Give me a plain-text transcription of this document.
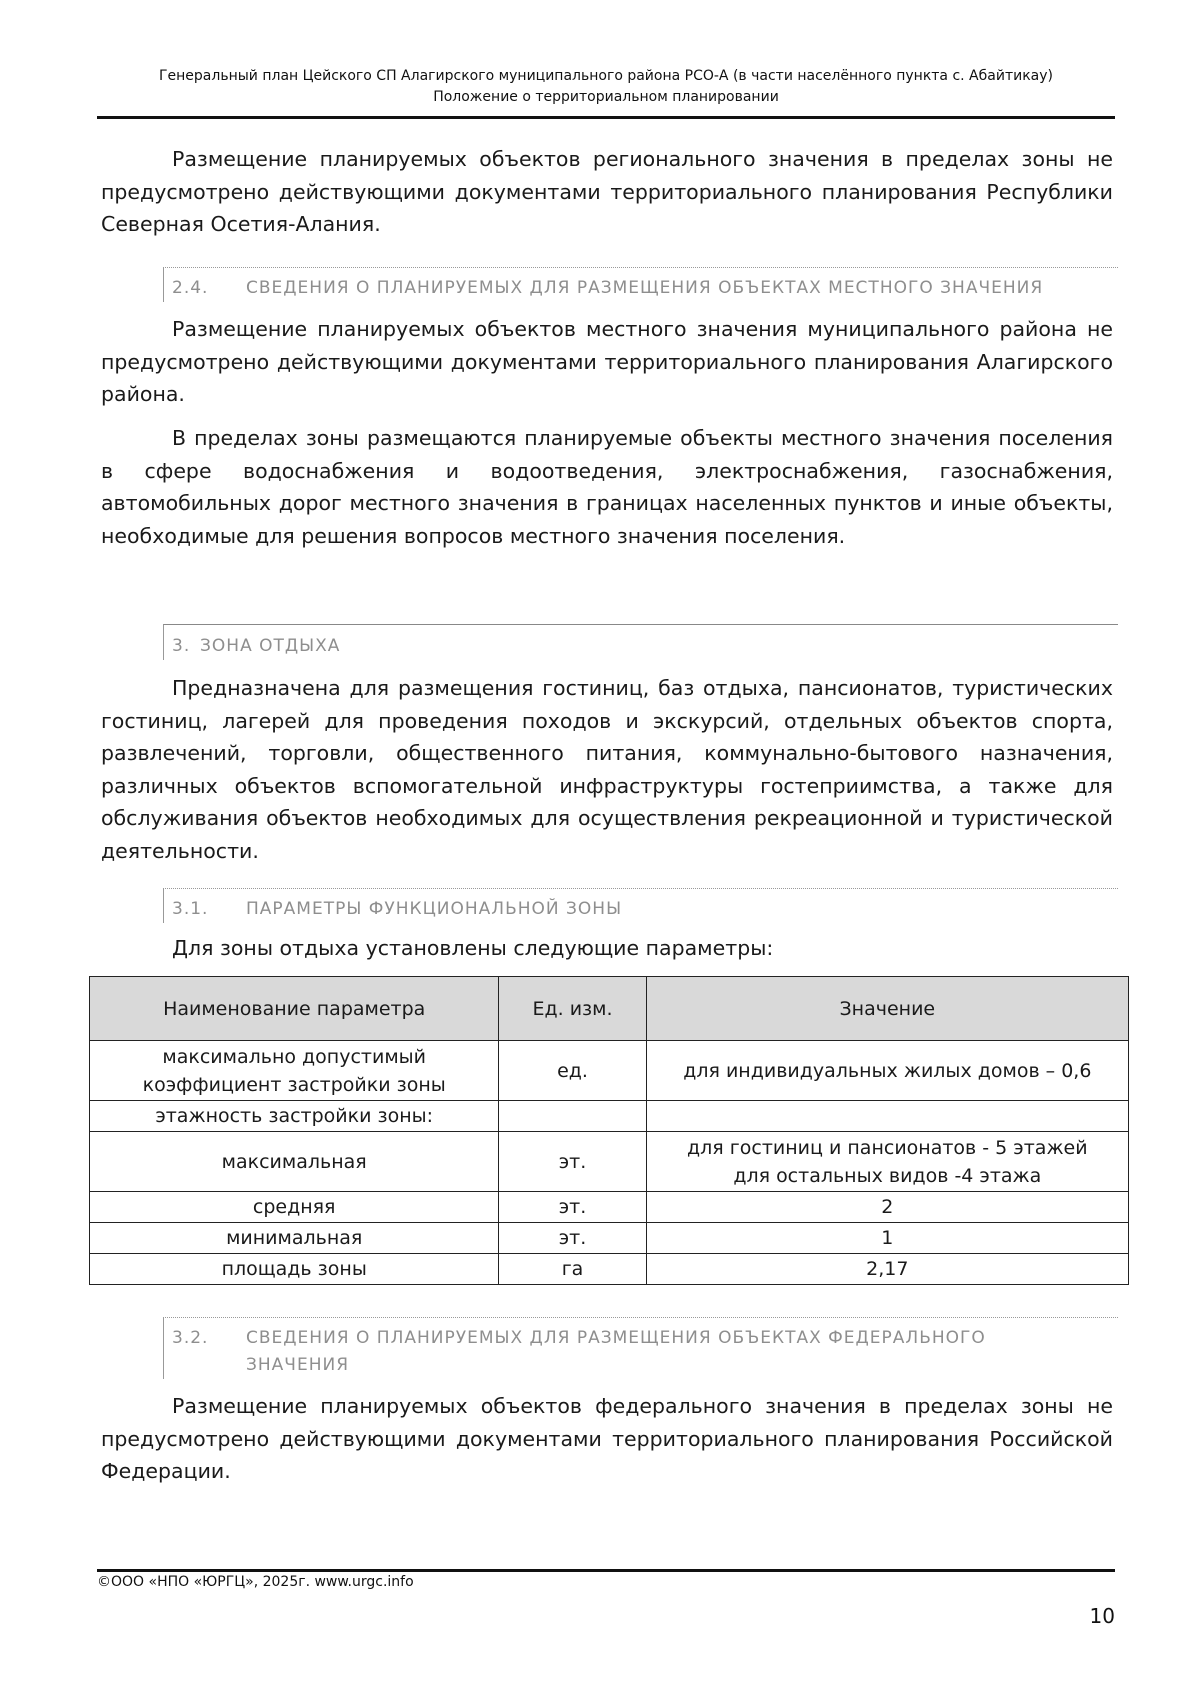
Генеральный план Цейского СП Алагирского муниципального района РСО-А (в части населённого пункта с. Абайтикау)
Положение о территориальном планировании

Размещение планируемых объектов регионального значения в пределах зоны не предусмотрено действующими документами территориального планирования Республики Северная Осетия-Алания.

2.4. СВЕДЕНИЯ О ПЛАНИРУЕМЫХ ДЛЯ РАЗМЕЩЕНИЯ ОБЪЕКТАХ МЕСТНОГО ЗНАЧЕНИЯ

Размещение планируемых объектов местного значения муниципального района не предусмотрено действующими документами территориального планирования Алагирского района.

В пределах зоны размещаются планируемые объекты местного значения поселения в сфере водоснабжения и водоотведения, электроснабжения, газоснабжения, автомобильных дорог местного значения в границах населенных пунктов и иные объекты, необходимые для решения вопросов местного значения поселения.

3. ЗОНА ОТДЫХА

Предназначена для размещения гостиниц, баз отдыха, пансионатов, туристических гостиниц, лагерей для проведения походов и экскурсий, отдельных объектов спорта, развлечений, торговли, общественного питания, коммунально-бытового назначения, различных объектов вспомогательной инфраструктуры гостеприимства, а также для обслуживания объектов необходимых для осуществления рекреационной и туристической деятельности.

3.1. ПАРАМЕТРЫ ФУНКЦИОНАЛЬНОЙ ЗОНЫ

Для зоны отдыха установлены следующие параметры:

Наименование параметра	Ед. изм.	Значение

максимально допустимый
коэффициент застройки зоны	ед.	для индивидуальных жилых домов – 0,6
этажность застройки зоны:		
максимальная	эт.	для гостиниц и пансионатов - 5 этажей
для остальных видов -4 этажа

средняя	эт.	2
минимальная	эт.	1
площадь зоны	га	2,17
3.2. СВЕДЕНИЯ О ПЛАНИРУЕМЫХ ДЛЯ РАЗМЕЩЕНИЯ ОБЪЕКТАХ ФЕДЕРАЛЬНОГО ЗНАЧЕНИЯ

Размещение планируемых объектов федерального значения в пределах зоны не предусмотрено действующими документами территориального планирования Российской Федерации.

©ООО «НПО «ЮРГЦ», 2025г. www.urgc.info
10
